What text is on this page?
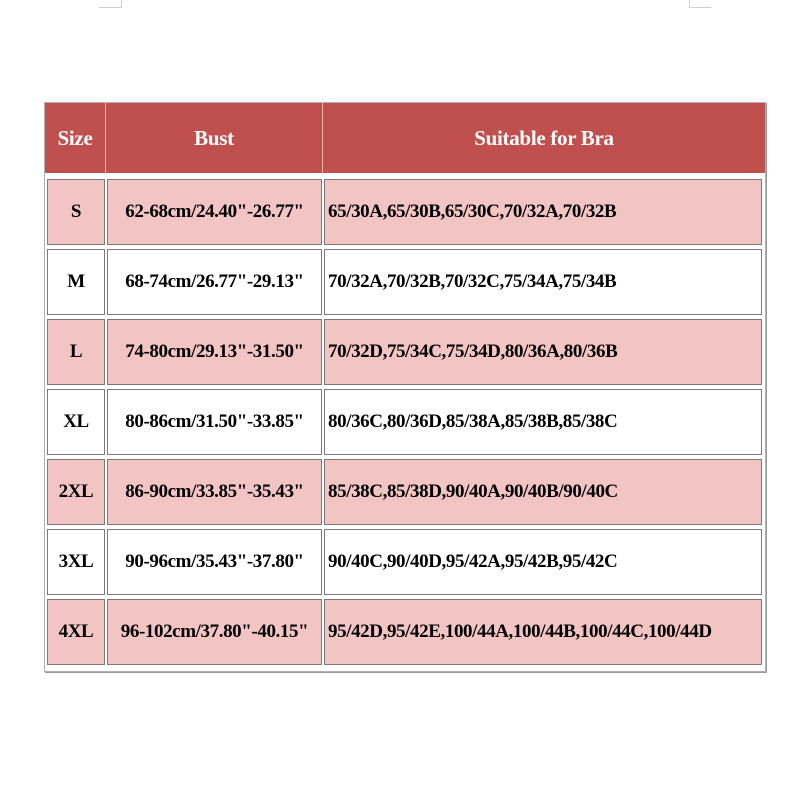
Size	Bust	Suitable for Bra
S	62-68cm/24.40"-26.77"	65/30A,65/30B,65/30C,70/32A,70/32B
M	68-74cm/26.77"-29.13"	70/32A,70/32B,70/32C,75/34A,75/34B
L	74-80cm/29.13"-31.50"	70/32D,75/34C,75/34D,80/36A,80/36B
XL	80-86cm/31.50"-33.85"	80/36C,80/36D,85/38A,85/38B,85/38C
2XL	86-90cm/33.85"-35.43"	85/38C,85/38D,90/40A,90/40B/90/40C
3XL	90-96cm/35.43"-37.80"	90/40C,90/40D,95/42A,95/42B,95/42C
4XL	96-102cm/37.80"-40.15"	95/42D,95/42E,100/44A,100/44B,100/44C,100/44D
